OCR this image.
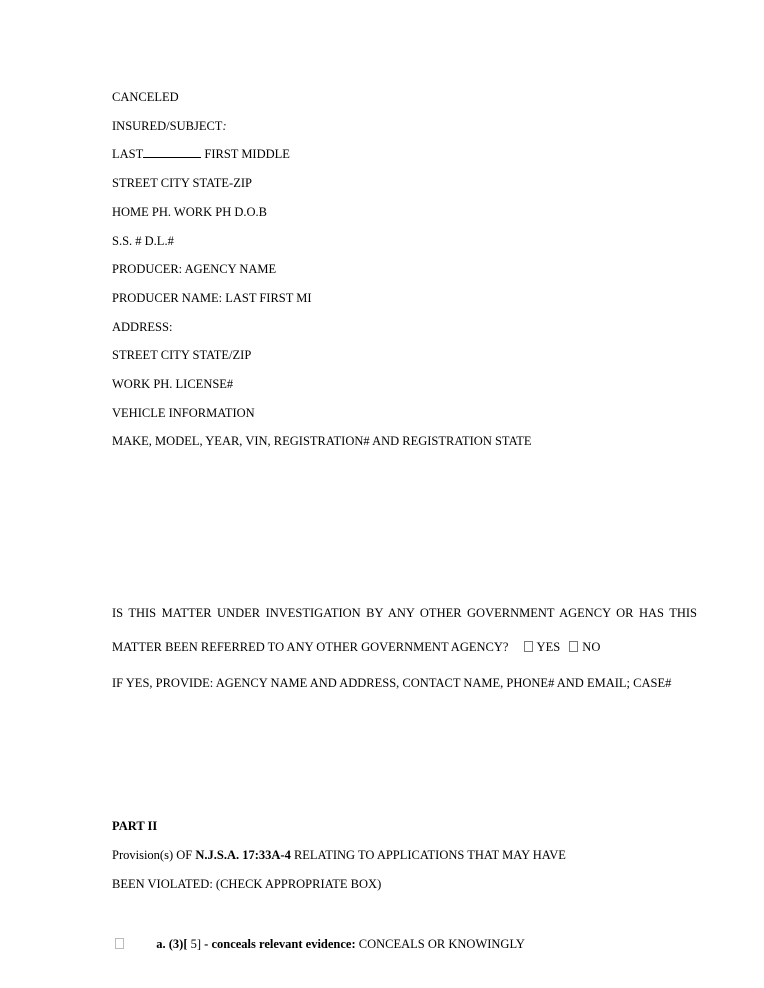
CANCELED
INSURED/SUBJECT:
LAST	FIRST MIDDLE
STREET CITY STATE-ZIP
HOME PH. WORK PH D.O.B
S.S. # D.L.#
PRODUCER: AGENCY NAME
PRODUCER NAME: LAST FIRST MI
ADDRESS:
STREET CITY STATE/ZIP
WORK PH. LICENSE#
VEHICLE INFORMATION
MAKE, MODEL, YEAR, VIN, REGISTRATION# AND REGISTRATION STATE
IS THIS MATTER UNDER INVESTIGATION BY ANY OTHER GOVERNMENT AGENCY OR HAS THIS
MATTER BEEN REFERRED TO ANY OTHER GOVERNMENT AGENCY? YES NO
IF YES, PROVIDE: AGENCY NAME AND ADDRESS, CONTACT NAME, PHONE# AND EMAIL; CASE#
PART II
Provision(s) OF N.J.S.A. 17:33A-4 RELATING TO APPLICATIONS THAT MAY HAVE
BEEN VIOLATED: (CHECK APPROPRIATE BOX)
a. (3)[ 5] - conceals relevant evidence: CONCEALS OR KNOWINGLY
